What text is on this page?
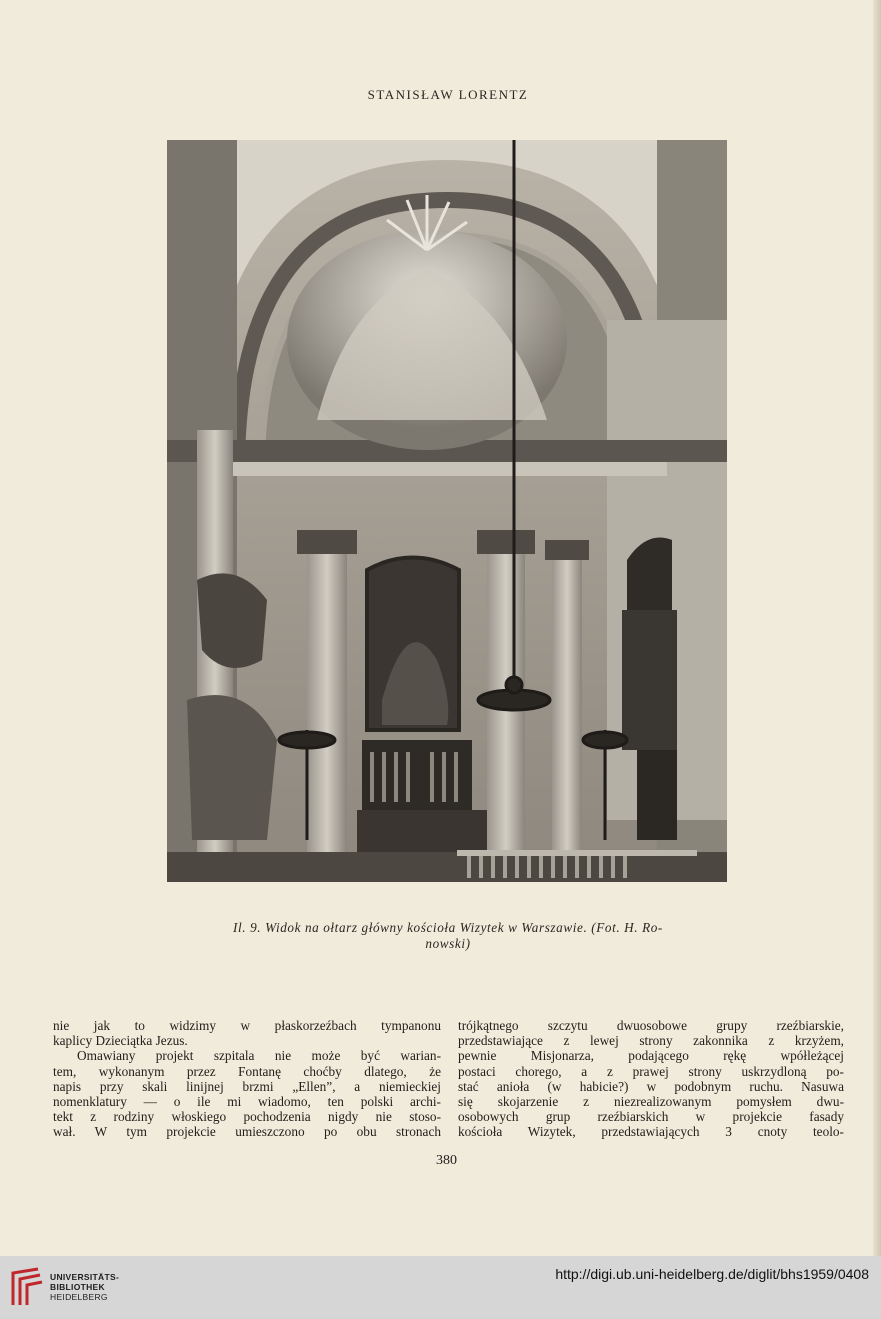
STANISŁAW LORENTZ
Il. 9. Widok na ołtarz główny kościoła Wizytek w Warszawie. (Fot. H. Ro-
nowski)
nie jak to widzimy w płaskorzeźbach tympanonu
kaplicy Dzieciątka Jezus.
Omawiany projekt szpitala nie może być warian-
tem, wykonanym przez Fontanę choćby dlatego, że
napis przy skali linijnej brzmi „Ellen”, a niemieckiej
nomenklatury — o ile mi wiadomo, ten polski archi-
tekt z rodziny włoskiego pochodzenia nigdy nie stoso-
wał. W tym projekcie umieszczono po obu stronach
trójkątnego szczytu dwuosobowe grupy rzeźbiarskie,
przedstawiające z lewej strony zakonnika z krzyżem,
pewnie Misjonarza, podającego rękę wpółleżącej
postaci chorego, a z prawej strony uskrzydloną po-
stać anioła (w habicie?) w podobnym ruchu. Nasuwa
się skojarzenie z niezrealizowanym pomysłem dwu-
osobowych grup rzeźbiarskich w projekcie fasady
kościoła Wizytek, przedstawiających 3 cnoty teolo-
380
UNIVERSITÄTS-
BIBLIOTHEK
HEIDELBERG
http://digi.ub.uni-heidelberg.de/diglit/bhs1959/0408
